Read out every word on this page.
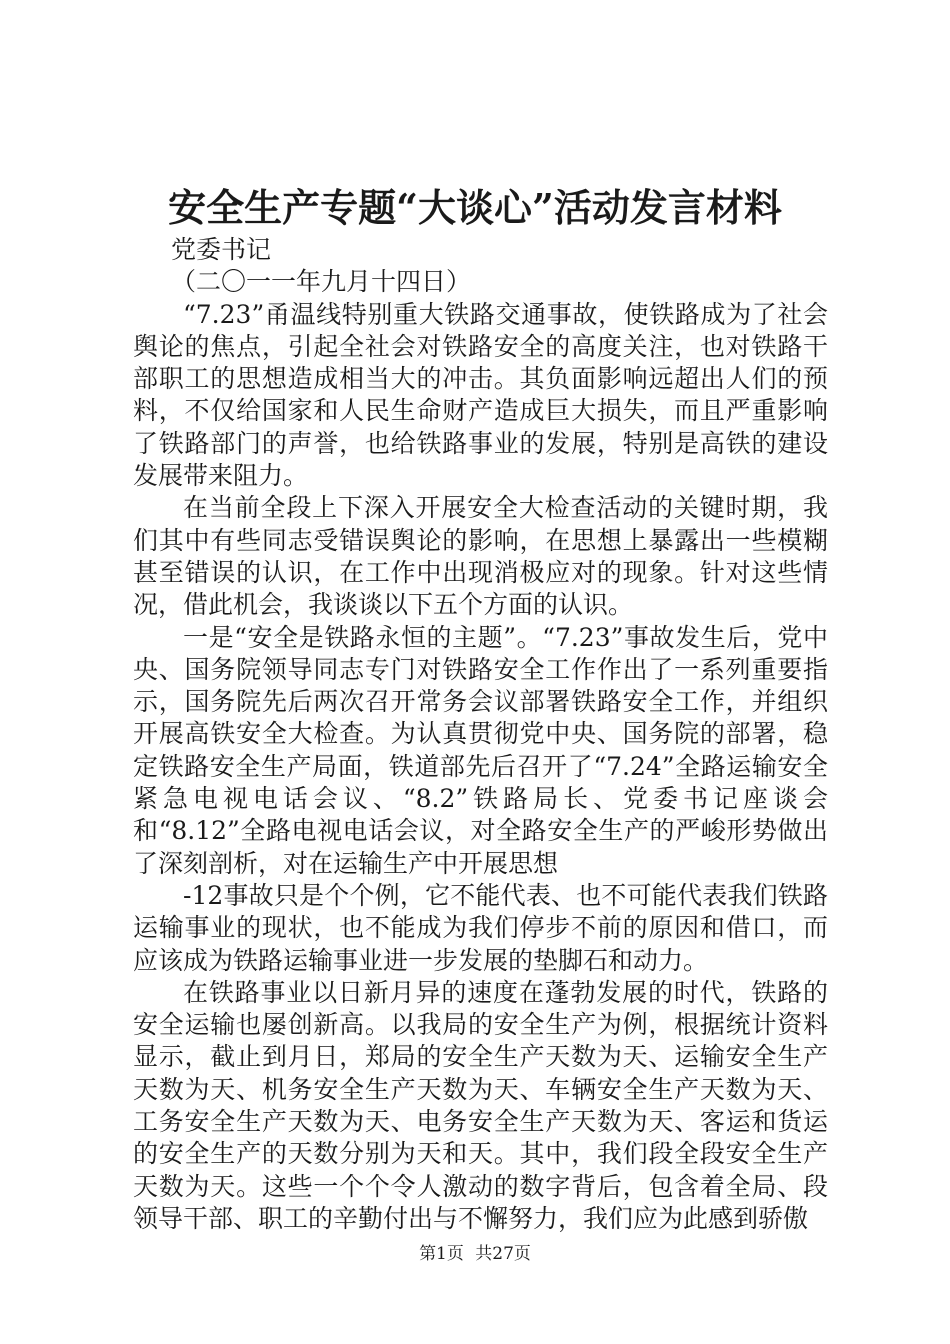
安全生产专题“大谈心”活动发言材料

党委书记

（二〇一一年九月十四日）

“7.23”甬温线特别重大铁路交通事故，使铁路成为了社会舆论的焦点，引起全社会对铁路安全的高度关注，也对铁路干部职工的思想造成相当大的冲击。其负面影响远超出人们的预料，不仅给国家和人民生命财产造成巨大损失，而且严重影响了铁路部门的声誉，也给铁路事业的发展，特别是高铁的建设发展带来阻力。

在当前全段上下深入开展安全大检查活动的关键时期，我们其中有些同志受错误舆论的影响，在思想上暴露出一些模糊甚至错误的认识，在工作中出现消极应对的现象。针对这些情况，借此机会，我谈谈以下五个方面的认识。

一是“安全是铁路永恒的主题”。“7.23”事故发生后，党中央、国务院领导同志专门对铁路安全工作作出了一系列重要指示，国务院先后两次召开常务会议部署铁路安全工作，并组织开展高铁安全大检查。为认真贯彻党中央、国务院的部署，稳定铁路安全生产局面，铁道部先后召开了“7.24”全路运输安全紧急电视电话会议、“8.2”铁路局长、党委书记座谈会和“8.12”全路电视电话会议，对全路安全生产的严峻形势做出了深刻剖析，对在运输生产中开展思想

-12事故只是个个例，它不能代表、也不可能代表我们铁路运输事业的现状，也不能成为我们停步不前的原因和借口，而应该成为铁路运输事业进一步发展的垫脚石和动力。

在铁路事业以日新月异的速度在蓬勃发展的时代，铁路的安全运输也屡创新高。以我局的安全生产为例，根据统计资料显示，截止到月日，郑局的安全生产天数为天、运输安全生产天数为天、机务安全生产天数为天、车辆安全生产天数为天、工务安全生产天数为天、电务安全生产天数为天、客运和货运的安全生产的天数分别为天和天。其中，我们段全段安全生产天数为天。这些一个个令人激动的数字背后，包含着全局、段领导干部、职工的辛勤付出与不懈努力，我们应为此感到骄傲

第1页 共27页
